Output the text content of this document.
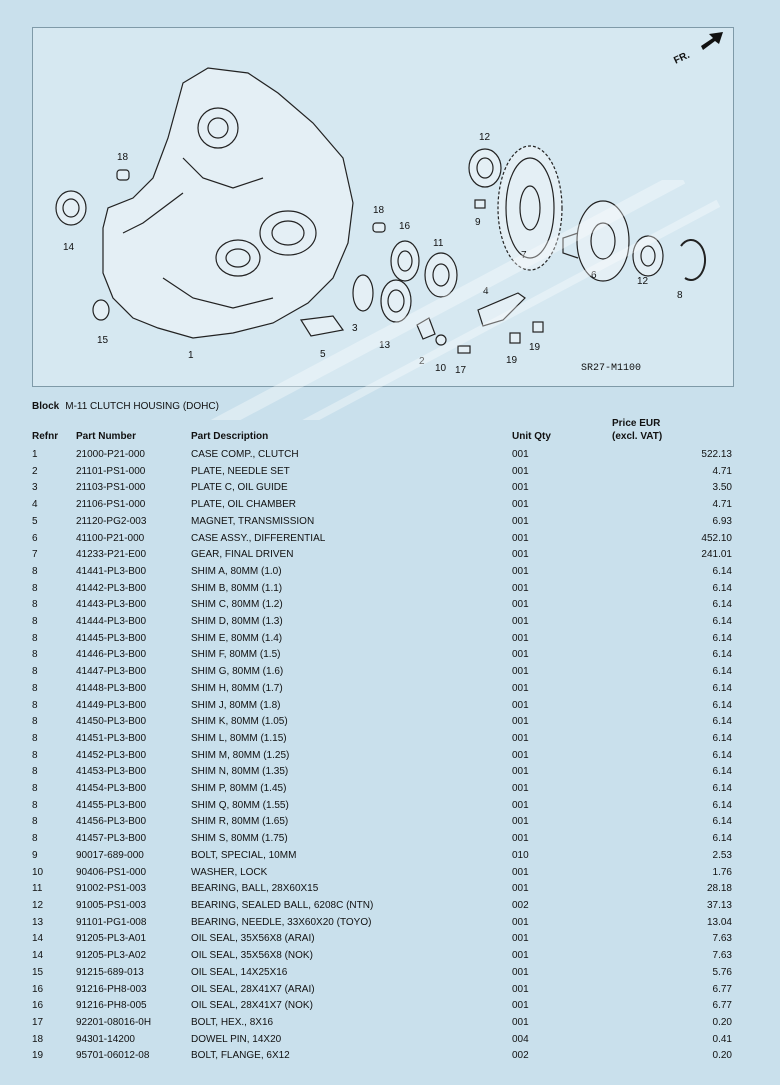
FR.
1
2
3
4
5
6
7
8
9
10
11
12
12
13
14
15
16
17
18
18
19
19
SR27-M1100
Block M-11 CLUTCH HOUSING (DOHC)
Refnr	Part Number	Part Description	Unit Qty	Price EUR
(excl. VAT)
1	21000-P21-000	CASE COMP., CLUTCH	001	522.13
2	21101-PS1-000	PLATE, NEEDLE SET	001	4.71
3	21103-PS1-000	PLATE C, OIL GUIDE	001	3.50
4	21106-PS1-000	PLATE, OIL CHAMBER	001	4.71
5	21120-PG2-003	MAGNET, TRANSMISSION	001	6.93
6	41100-P21-000	CASE ASSY., DIFFERENTIAL	001	452.10
7	41233-P21-E00	GEAR, FINAL DRIVEN	001	241.01
8	41441-PL3-B00	SHIM A, 80MM (1.0)	001	6.14
8	41442-PL3-B00	SHIM B, 80MM (1.1)	001	6.14
8	41443-PL3-B00	SHIM C, 80MM (1.2)	001	6.14
8	41444-PL3-B00	SHIM D, 80MM (1.3)	001	6.14
8	41445-PL3-B00	SHIM E, 80MM (1.4)	001	6.14
8	41446-PL3-B00	SHIM F, 80MM (1.5)	001	6.14
8	41447-PL3-B00	SHIM G, 80MM (1.6)	001	6.14
8	41448-PL3-B00	SHIM H, 80MM (1.7)	001	6.14
8	41449-PL3-B00	SHIM J, 80MM (1.8)	001	6.14
8	41450-PL3-B00	SHIM K, 80MM (1.05)	001	6.14
8	41451-PL3-B00	SHIM L, 80MM (1.15)	001	6.14
8	41452-PL3-B00	SHIM M, 80MM (1.25)	001	6.14
8	41453-PL3-B00	SHIM N, 80MM (1.35)	001	6.14
8	41454-PL3-B00	SHIM P, 80MM (1.45)	001	6.14
8	41455-PL3-B00	SHIM Q, 80MM (1.55)	001	6.14
8	41456-PL3-B00	SHIM R, 80MM (1.65)	001	6.14
8	41457-PL3-B00	SHIM S, 80MM (1.75)	001	6.14
9	90017-689-000	BOLT, SPECIAL, 10MM	010	2.53
10	90406-PS1-000	WASHER, LOCK	001	1.76
11	91002-PS1-003	BEARING, BALL, 28X60X15	001	28.18
12	91005-PS1-003	BEARING, SEALED BALL, 6208C (NTN)	002	37.13
13	91101-PG1-008	BEARING, NEEDLE, 33X60X20 (TOYO)	001	13.04
14	91205-PL3-A01	OIL SEAL, 35X56X8 (ARAI)	001	7.63
14	91205-PL3-A02	OIL SEAL, 35X56X8 (NOK)	001	7.63
15	91215-689-013	OIL SEAL, 14X25X16	001	5.76
16	91216-PH8-003	OIL SEAL, 28X41X7 (ARAI)	001	6.77
16	91216-PH8-005	OIL SEAL, 28X41X7 (NOK)	001	6.77
17	92201-08016-0H	BOLT, HEX., 8X16	001	0.20
18	94301-14200	DOWEL PIN, 14X20	004	0.41
19	95701-06012-08	BOLT, FLANGE, 6X12	002	0.20
